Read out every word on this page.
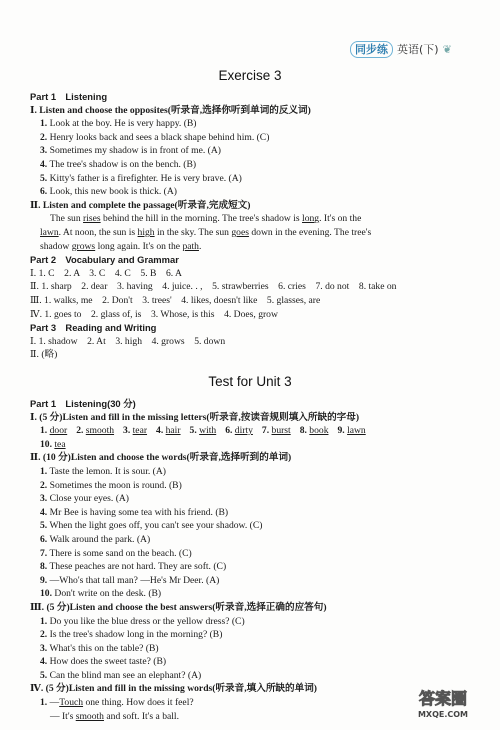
同步练 英语(下) ❦
Exercise 3
Part 1　Listening
Ⅰ. Listen and choose the opposites(听录音,选择你听到单词的反义词)
1. Look at the boy. He is very happy. (B)
2. Henry looks back and sees a black shape behind him. (C)
3. Sometimes my shadow is in front of me. (A)
4. The tree's shadow is on the bench. (B)
5. Kitty's father is a firefighter. He is very brave. (A)
6. Look, this new book is thick. (A)
Ⅱ. Listen and complete the passage(听录音,完成短文)
The sun rises behind the hill in the morning. The tree's shadow is long. It's on the
lawn. At noon, the sun is high in the sky. The sun goes down in the evening. The tree's
shadow grows long again. It's on the path.
Part 2　Vocabulary and Grammar
Ⅰ. 1. C　2. A　3. C　4. C　5. B　6. A
Ⅱ. 1. sharp　2. dear　3. having　4. juice. . ,　5. strawberries　6. cries　7. do not　8. take on
Ⅲ. 1. walks, me　2. Don't　3. trees'　4. likes, doesn't like　5. glasses, are
Ⅳ. 1. goes to　2. glass of, is　3. Whose, is this　4. Does, grow
Part 3　Reading and Writing
Ⅰ. 1. shadow　2. At　3. high　4. grows　5. down
Ⅱ. (略)
Test for Unit 3
Part 1　Listening(30 分)
Ⅰ. (5 分)Listen and fill in the missing letters(听录音,按读音规则填入所缺的字母)
1. door 2. smooth 3. tear 4. hair 5. with 6. dirty 7. burst 8. book 9. lawn
10. tea
Ⅱ. (10 分)Listen and choose the words(听录音,选择听到的单词)
1. Taste the lemon. It is sour. (A)
2. Sometimes the moon is round. (B)
3. Close your eyes. (A)
4. Mr Bee is having some tea with his friend. (B)
5. When the light goes off, you can't see your shadow. (C)
6. Walk around the park. (A)
7. There is some sand on the beach. (C)
8. These peaches are not hard. They are soft. (C)
9. —Who's that tall man? —He's Mr Deer. (A)
10. Don't write on the desk. (B)
Ⅲ. (5 分)Listen and choose the best answers(听录音,选择正确的应答句)
1. Do you like the blue dress or the yellow dress? (C)
2. Is the tree's shadow long in the morning? (B)
3. What's this on the table? (B)
4. How does the sweet taste? (B)
5. Can the blind man see an elephant? (A)
Ⅳ. (5 分)Listen and fill in the missing words(听录音,填入所缺的单词)
1. —Touch one thing. How does it feel?
— It's smooth and soft. It's a ball.
答案圈
MXQE.COM
